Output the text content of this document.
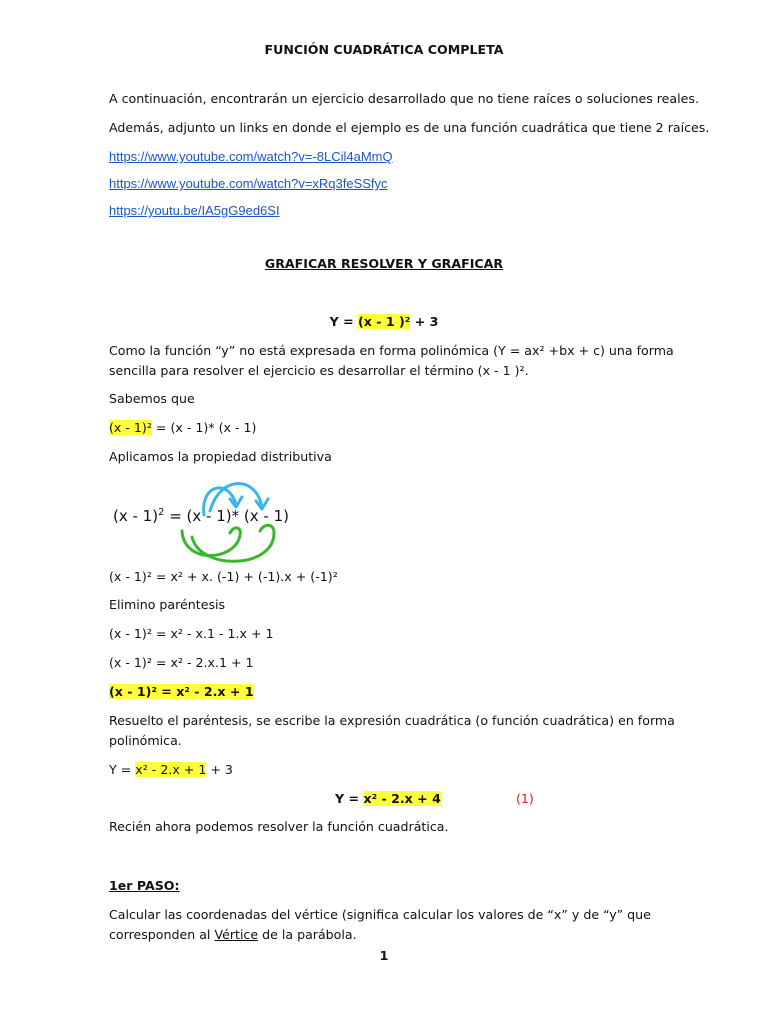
FUNCIÓN CUADRÁTICA COMPLETA
A continuación, encontrarán un ejercicio desarrollado que no tiene raíces o soluciones reales.
Además, adjunto un links en donde el ejemplo es de una función cuadrática que tiene 2 raíces.
https://www.youtube.com/watch?v=-8LCil4aMmQ
https://www.youtube.com/watch?v=xRq3feSSfyc
https://youtu.be/IA5gG9ed6SI
GRAFICAR RESOLVER Y GRAFICAR
Y = (x - 1 )² + 3
Como la función “y” no está expresada en forma polinómica (Y = ax² +bx + c) una forma sencilla para resolver el ejercicio es desarrollar el término (x - 1 )².
Sabemos que
(x - 1)² = (x - 1)* (x - 1)
Aplicamos la propiedad distributiva
(x - 1)$^2$ = (x - 1)* (x - 1)
(x - 1)² = x² + x. (-1) + (-1).x + (-1)²
Elimino paréntesis
(x - 1)² = x² - x.1 - 1.x + 1
(x - 1)² = x² - 2.x.1 + 1
(x - 1)² = x² - 2.x + 1
Resuelto el paréntesis, se escribe la expresión cuadrática (o función cuadrática) en forma polinómica.
Y = x² - 2.x + 1 + 3
Y = x² - 2.x + 4	(1)
Recién ahora podemos resolver la función cuadrática.
1er PASO:
Calcular las coordenadas del vértice (significa calcular los valores de “x” y de “y” que corresponden al Vértice de la parábola.
1
